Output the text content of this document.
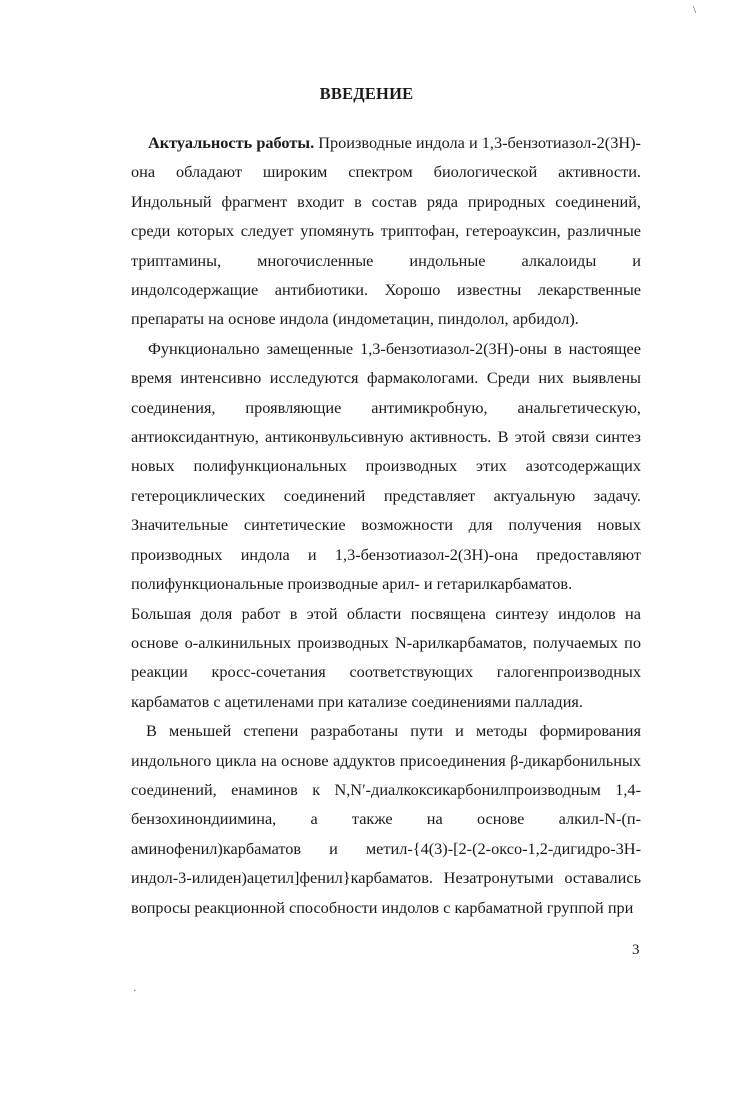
\
ВВЕДЕНИЕ

Актуальность работы. Производные индола и 1,3-бензотиазол-2(3H)-она обладают широким спектром биологической активности. Индольный фрагмент входит в состав ряда природных соединений, среди которых следует упомянуть триптофан, гетероауксин, различные триптамины, многочисленные индольные алкалоиды и индолсодержащие антибиотики. Хорошо известны лекарственные препараты на основе индола (индометацин, пиндолол, арбидол).

Функционально замещенные 1,3-бензотиазол-2(3H)-оны в настоящее время интенсивно исследуются фармакологами. Среди них выявлены соединения, проявляющие антимикробную, анальгетическую, антиоксидантную, антиконвульсивную активность. В этой связи синтез новых полифункциональных производных этих азотсодержащих гетероциклических соединений представляет актуальную задачу. Значительные синтетические возможности для получения новых производных индола и 1,3-бензотиазол-2(3H)-она предоставляют полифункциональные производные арил- и гетарилкарбаматов.

Большая доля работ в этой области посвящена синтезу индолов на основе o-алкинильных производных N-арилкарбаматов, получаемых по реакции кросс-сочетания соответствующих галогенпроизводных карбаматов с ацетиленами при катализе соединениями палладия.

В меньшей степени разработаны пути и методы формирования индольного цикла на основе аддуктов присоединения β-дикарбонильных соединений, енаминов к N,N′-диалкоксикарбонилпроизводным 1,4-бензохинондиимина, а также на основе алкил-N-(п-аминофенил)карбаматов и метил-{4(3)-[2-(2-оксо-1,2-дигидро-3H-индол-3-илиден)ацетил]фенил}карбаматов. Незатронутыми оставались вопросы реакционной способности индолов с карбаматной группой при

3
·
